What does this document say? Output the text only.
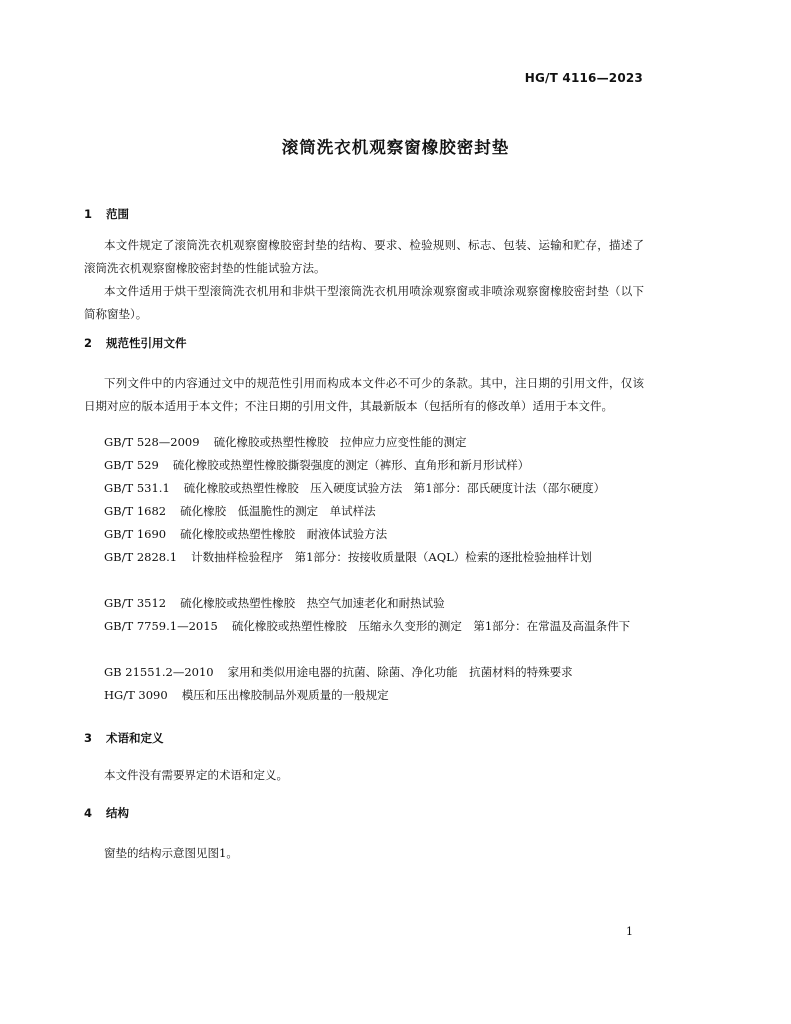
HG/T 4116—2023
滚筒洗衣机观察窗橡胶密封垫
1 范围
本文件规定了滚筒洗衣机观察窗橡胶密封垫的结构、要求、检验规则、标志、包装、运输和贮存，描述了滚筒洗衣机观察窗橡胶密封垫的性能试验方法。
本文件适用于烘干型滚筒洗衣机用和非烘干型滚筒洗衣机用喷涂观察窗或非喷涂观察窗橡胶密封垫（以下简称窗垫）。
2 规范性引用文件
下列文件中的内容通过文中的规范性引用而构成本文件必不可少的条款。其中，注日期的引用文件，仅该日期对应的版本适用于本文件；不注日期的引用文件，其最新版本（包括所有的修改单）适用于本文件。
GB/T 528—2009 硫化橡胶或热塑性橡胶　拉伸应力应变性能的测定
GB/T 529 硫化橡胶或热塑性橡胶撕裂强度的测定（裤形、直角形和新月形试样）
GB/T 531.1 硫化橡胶或热塑性橡胶　压入硬度试验方法　第1部分：邵氏硬度计法（邵尔硬度）
GB/T 1682 硫化橡胶　低温脆性的测定　单试样法
GB/T 1690 硫化橡胶或热塑性橡胶　耐液体试验方法
GB/T 2828.1 计数抽样检验程序　第1部分：按接收质量限（AQL）检索的逐批检验抽样计划
GB/T 3512 硫化橡胶或热塑性橡胶　热空气加速老化和耐热试验
GB/T 7759.1—2015 硫化橡胶或热塑性橡胶　压缩永久变形的测定　第1部分：在常温及高温条件下
GB 21551.2—2010 家用和类似用途电器的抗菌、除菌、净化功能　抗菌材料的特殊要求
HG/T 3090 模压和压出橡胶制品外观质量的一般规定
3 术语和定义
本文件没有需要界定的术语和定义。
4 结构
窗垫的结构示意图见图1。
1
